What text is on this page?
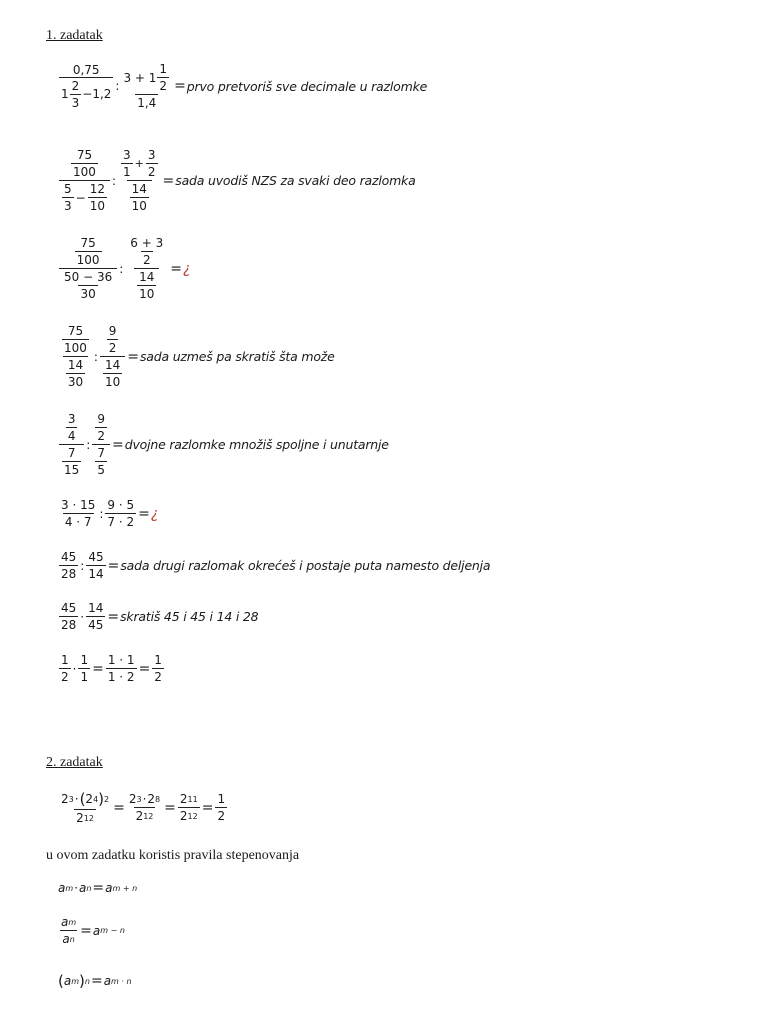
1. zadatak
$\frac{0,75}{1 \frac{2}{3} -1,2}$ : $\frac{3 + 1 \frac{1}{2}}{1,4}$ = prvo pretvoriš sve decimale u razlomke
$\frac{75}{100}$
$\frac{5}{3} - \frac{12}{10}$
:
$\frac{3}{1} + \frac{3}{2}$
$\frac{14}{10}$
= sada uvodiš NZS za svaki deo razlomka
$\frac{\frac{75}{100}}{\frac{50 - 36}{30}}$ : $\frac{\frac{6 + 3}{2}}{\frac{14}{10}}$ = ¿
$\frac{\frac{75}{100}}{\frac{14}{30}}$ : $\frac{\frac{9}{2}}{\frac{14}{10}}$ = sada uzmeš pa skratiš šta može
$\frac{\frac{3}{4}}{\frac{7}{15}}$ : $\frac{\frac{9}{2}}{\frac{7}{5}}$ = dvojne razlomke množiš spoljne i unutarnje
$\frac{3 \cdot 15}{4 \cdot 7}$ : $\frac{9 \cdot 5}{7 \cdot 2}$ = ¿
$\frac{45}{28}$ : $\frac{45}{14}$ = sada drugi razlomak okrećeš i postaje puta namesto deljenja
$\frac{45}{28} \cdot \frac{14}{45}$ = skratiš 45 i 45 i 14 i 28
$\frac{1}{2} \cdot \frac{1}{1} = \frac{1 \cdot 1}{1 \cdot 2} = \frac{1}{2}$
2. zadatak
$\frac{2 3 \cdot ( 2 4 ) 2}{2 12} = \frac{2 3 \cdot 2 8}{2 12} = \frac{2 11}{2 12} = \frac{1}{2}$
u ovom zadatku koristis pravila stepenovanja
a m · a n = a m + n
$\frac{\text{a m}}{\text{a n}} = a$ m − n
( a m ) n = a m · n
